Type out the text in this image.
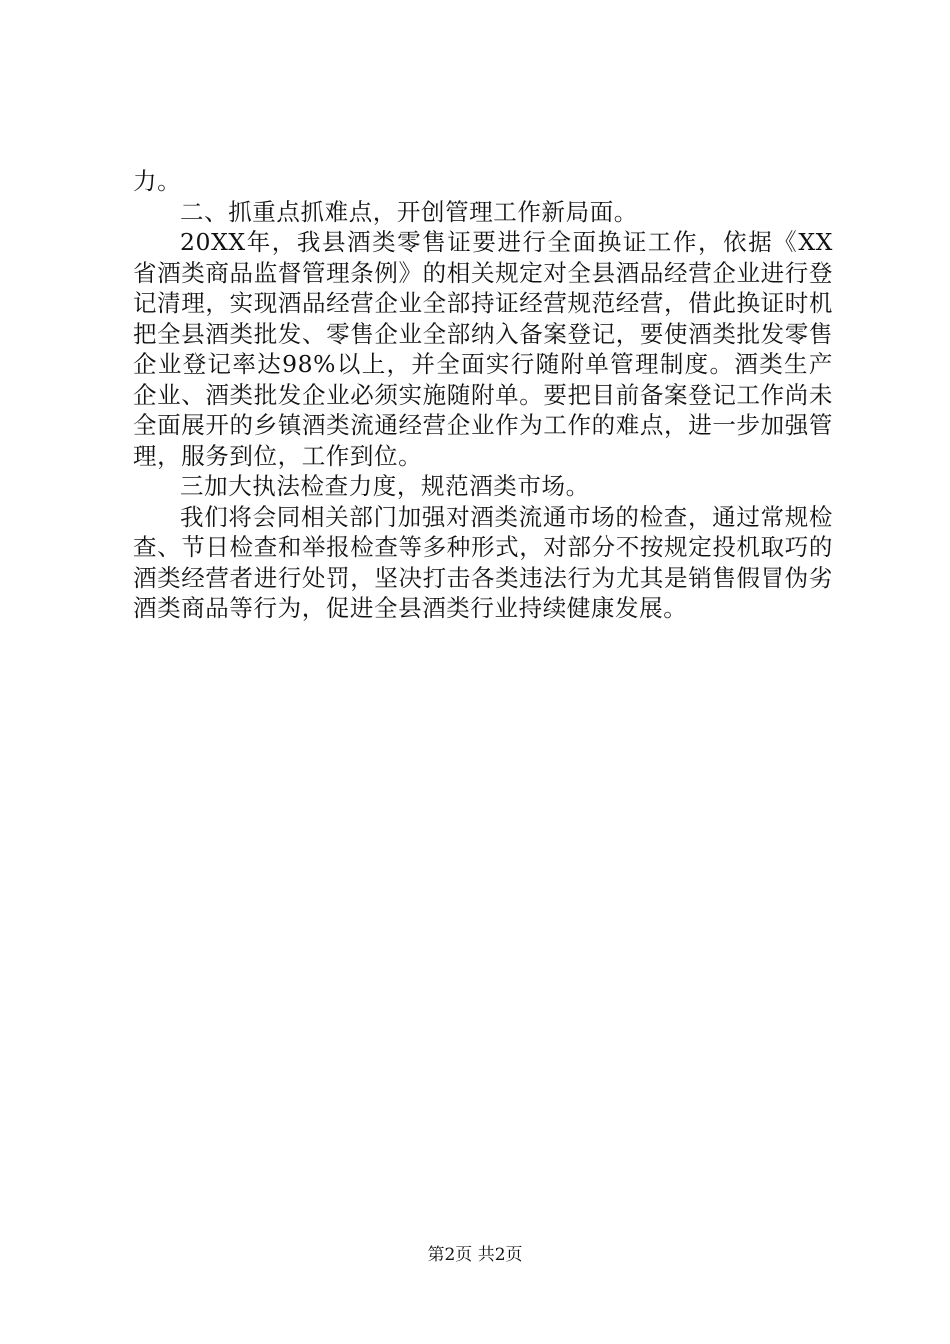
力。

二、抓重点抓难点，开创管理工作新局面。

20XX年，我县酒类零售证要进行全面换证工作，依据《XX省酒类商品监督管理条例》的相关规定对全县酒品经营企业进行登记清理，实现酒品经营企业全部持证经营规范经营，借此换证时机把全县酒类批发、零售企业全部纳入备案登记，要使酒类批发零售企业登记率达98%以上，并全面实行随附单管理制度。酒类生产企业、酒类批发企业必须实施随附单。要把目前备案登记工作尚未全面展开的乡镇酒类流通经营企业作为工作的难点，进一步加强管理，服务到位，工作到位。

三加大执法检查力度，规范酒类市场。

我们将会同相关部门加强对酒类流通市场的检查，通过常规检查、节日检查和举报检查等多种形式，对部分不按规定投机取巧的酒类经营者进行处罚，坚决打击各类违法行为尤其是销售假冒伪劣酒类商品等行为，促进全县酒类行业持续健康发展。

第2页 共2页
